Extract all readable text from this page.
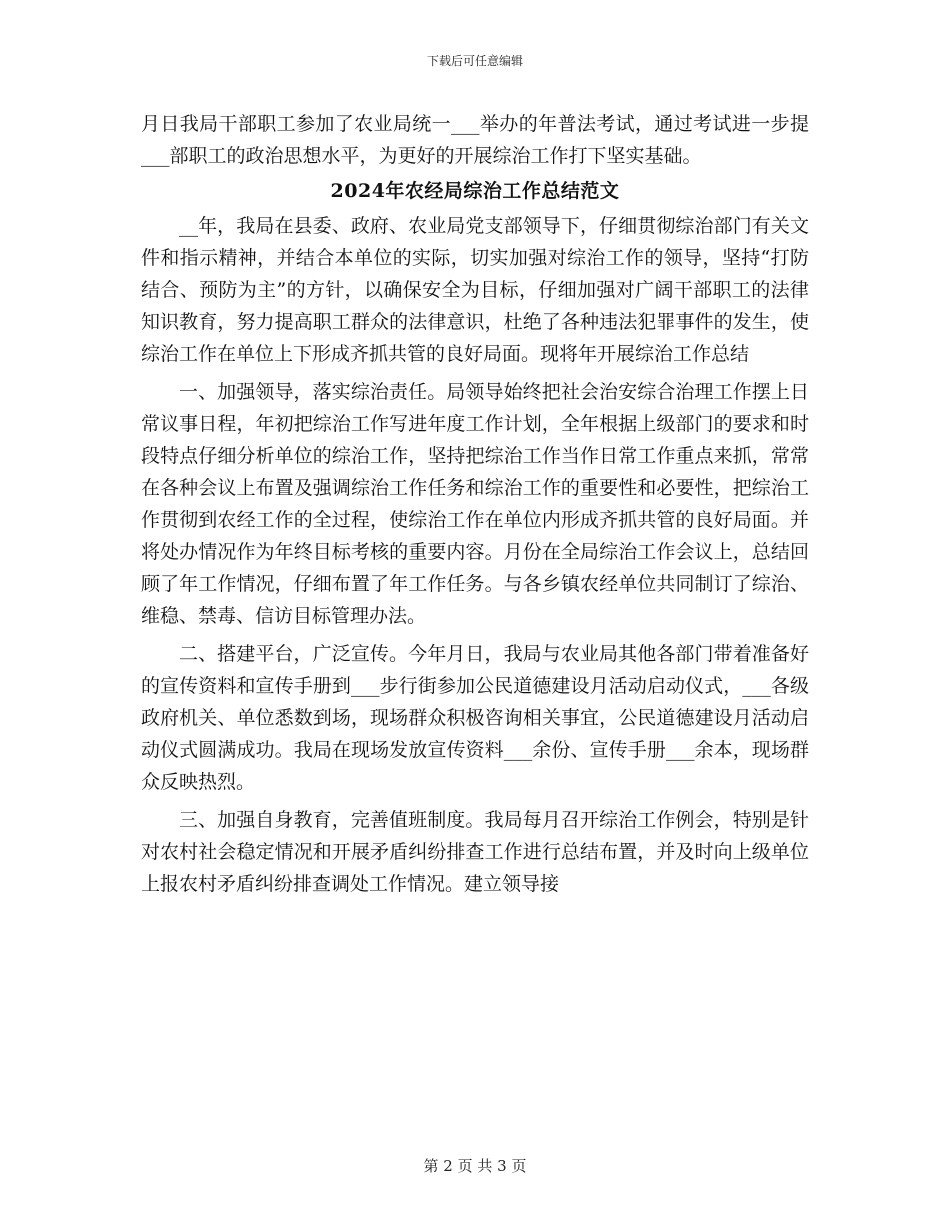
下载后可任意编辑

月日我局干部职工参加了农业局统一___举办的年普法考试，通过考试进一步提___部职工的政治思想水平，为更好的开展综治工作打下坚实基础。

2024年农经局综治工作总结范文

__年，我局在县委、政府、农业局党支部领导下，仔细贯彻综治部门有关文件和指示精神，并结合本单位的实际，切实加强对综治工作的领导，坚持“打防结合、预防为主”的方针，以确保安全为目标，仔细加强对广阔干部职工的法律知识教育，努力提高职工群众的法律意识，杜绝了各种违法犯罪事件的发生，使综治工作在单位上下形成齐抓共管的良好局面。现将年开展综治工作总结

一、加强领导，落实综治责任。局领导始终把社会治安综合治理工作摆上日常议事日程，年初把综治工作写进年度工作计划，全年根据上级部门的要求和时段特点仔细分析单位的综治工作，坚持把综治工作当作日常工作重点来抓，常常在各种会议上布置及强调综治工作任务和综治工作的重要性和必要性，把综治工作贯彻到农经工作的全过程，使综治工作在单位内形成齐抓共管的良好局面。并将处办情况作为年终目标考核的重要内容。月份在全局综治工作会议上，总结回顾了年工作情况，仔细布置了年工作任务。与各乡镇农经单位共同制订了综治、维稳、禁毒、信访目标管理办法。

二、搭建平台，广泛宣传。今年月日，我局与农业局其他各部门带着准备好的宣传资料和宣传手册到___步行街参加公民道德建设月活动启动仪式，___各级政府机关、单位悉数到场，现场群众积极咨询相关事宜，公民道德建设月活动启动仪式圆满成功。我局在现场发放宣传资料___余份、宣传手册___余本，现场群众反映热烈。

三、加强自身教育，完善值班制度。我局每月召开综治工作例会，特别是针对农村社会稳定情况和开展矛盾纠纷排查工作进行总结布置，并及时向上级单位上报农村矛盾纠纷排查调处工作情况。建立领导接

第 2 页 共 3 页
